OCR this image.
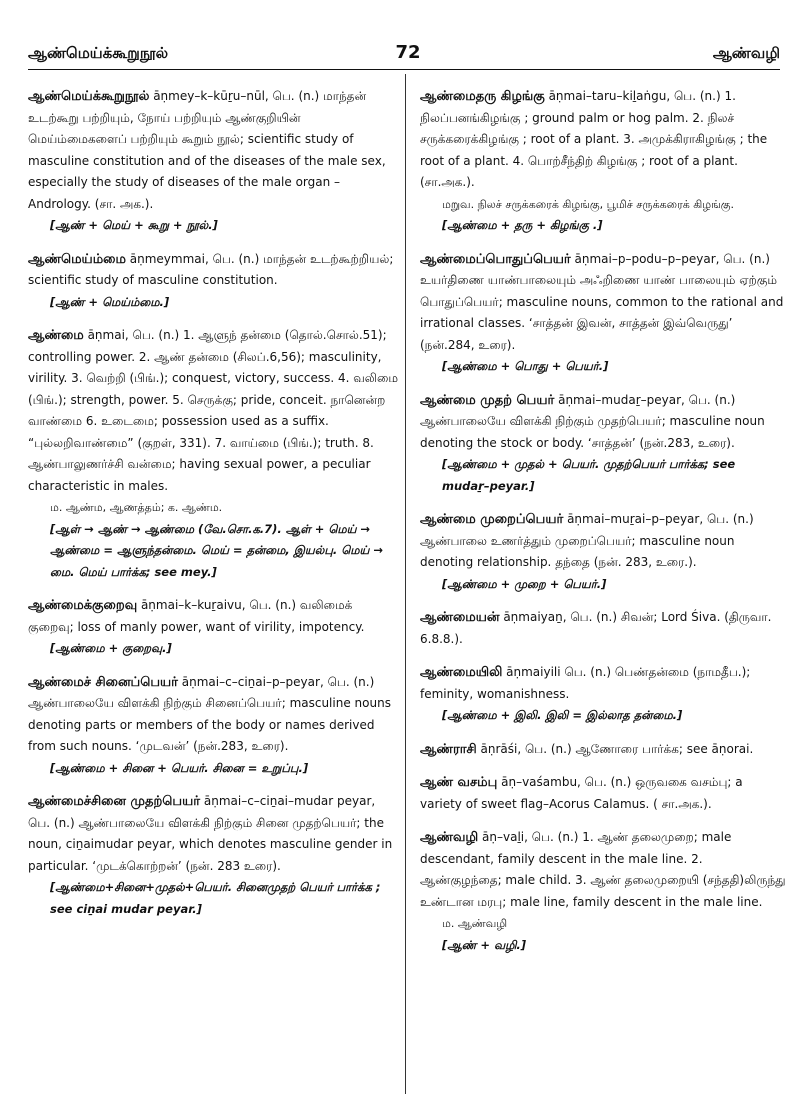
ஆண்மெய்க்கூறுநூல்	72	ஆண்வழி

ஆண்மெய்க்கூறுநூல் āṇmey–k–kūṟu–nūl, பெ. (n.) மாந்தன் உடற்கூறு பற்றியும், நோய் பற்றியும் ஆண்குறியின் மெய்ம்மைகளைப் பற்றியும் கூறும் நூல்; scientific study of masculine constitution and of the diseases of the male sex, especially the study of diseases of the male organ – Andrology. (சா. அக.).

[ஆண் + மெய் + கூறு + நூல்.]

ஆண்மெய்ம்மை āṇmeymmai, பெ. (n.) மாந்தன் உடற்கூற்றியல்; scientific study of masculine constitution.

[ஆண் + மெய்ம்மை.]

ஆண்மை āṇmai, பெ. (n.) 1. ஆளுந் தன்மை (தொல்.சொல்.51); controlling power. 2. ஆண் தன்மை (சிலப்.6,56); masculinity, virility. 3. வெற்றி (பிங்.); conquest, victory, success. 4. வலிமை (பிங்.); strength, power. 5. செருக்கு; pride, conceit. நானென்ற வாண்மை 6. உடைமை; possession used as a suffix. “புல்லறிவாண்மை” (குறள், 331). 7. வாய்மை (பிங்.); truth. 8. ஆண்பாலுணர்ச்சி வன்மை; having sexual power, a peculiar characteristic in males.

ம. ஆண்ம, ஆணத்தம்; க. ஆண்ம.

[ஆள் → ஆண் → ஆண்மை (வே.சொ.க.7). ஆள் + மெய் → ஆண்மை = ஆளுந்தன்மை. மெய் = தன்மை, இயல்பு. மெய் → மை. மெய் பார்க்க; see mey.]

ஆண்மைக்குறைவு āṇmai–k–kuṟaivu, பெ. (n.) வலிமைக் குறைவு; loss of manly power, want of virility, impotency.

[ஆண்மை + குறைவு.]

ஆண்மைச் சினைப்பெயர் āṇmai–c–ciṉai–p–peyar, பெ. (n.) ஆண்பாலையே விளக்கி நிற்கும் சினைப்பெயர்; masculine nouns denoting parts or members of the body or names derived from such nouns. ‘முடவன்’ (நன்.283, உரை).

[ஆண்மை + சினை + பெயர். சினை = உறுப்பு.]

ஆண்மைச்சினை முதற்பெயர் āṇmai–c–ciṉai–mudar peyar, பெ. (n.) ஆண்பாலையே விளக்கி நிற்கும் சினை முதற்பெயர்; the noun, ciṉaimudar peyar, which denotes masculine gender in particular. ‘முடக்கொற்றன்’ (நன். 283 உரை).

[ஆண்மை+சினை+முதல்+பெயர். சினைமுதற் பெயர் பார்க்க ; see ciṉai mudar peyar.]

ஆண்மைதரு கிழங்கு āṇmai–taru–kiḻaṅgu, பெ. (n.) 1. நிலப்பனங்கிழங்கு ; ground palm or hog palm. 2. நிலச் சருக்கரைக்கிழங்கு ; root of a plant. 3. அமுக்கிராகிழங்கு ; the root of a plant. 4. பொற்சீந்திற் கிழங்கு ; root of a plant. (சா.அக.).

மறுவ. நிலச் சருக்கரைக் கிழங்கு, பூமிச் சருக்கரைக் கிழங்கு.

[ஆண்மை + தரு + கிழங்கு .]

ஆண்மைப்பொதுப்பெயர் āṇmai–p–podu–p–peyar, பெ. (n.) உயர்திணை யாண்பாலையும் அஃறிணை யாண் பாலையும் ஏற்கும் பொதுப்பெயர்; masculine nouns, common to the rational and irrational classes. ‘சாத்தன் இவன், சாத்தன் இவ்வெருது’ (நன்.284, உரை).

[ஆண்மை + பொது + பெயர்.]

ஆண்மை முதற் பெயர் āṇmai–mudaṟ–peyar, பெ. (n.) ஆண்பாலையே விளக்கி நிற்கும் முதற்பெயர்; masculine noun denoting the stock or body. ‘சாத்தன்’ (நன்.283, உரை).

[ஆண்மை + முதல் + பெயர். முதற்பெயர் பார்க்க; see mudaṟ–peyar.]

ஆண்மை முறைப்பெயர் āṇmai–muṟai–p–peyar, பெ. (n.) ஆண்பாலை உணர்த்தும் முறைப்பெயர்; masculine noun denoting relationship. தந்தை (நன். 283, உரை.).

[ஆண்மை + முறை + பெயர்.]

ஆண்மையன் āṇmaiyaṉ, பெ. (n.) சிவன்; Lord Śiva. (திருவா. 6.8.8.).

ஆண்மையிலி āṇmaiyili பெ. (n.) பெண்தன்மை (நாமதீப.); feminity, womanishness.

[ஆண்மை + இலி. இலி = இல்லாத தன்மை.]

ஆண்ராசி āṇrāśi, பெ. (n.) ஆணோரை பார்க்க; see āṇorai.

ஆண் வசம்பு āṇ–vaśambu, பெ. (n.) ஒருவகை வசம்பு; a variety of sweet flag–Acorus Calamus. ( சா.அக.).

ஆண்வழி āṇ–vaḻi, பெ. (n.) 1. ஆண் தலைமுறை; male descendant, family descent in the male line. 2. ஆண்குழந்தை; male child. 3. ஆண் தலைமுறையி (சந்ததி)லிருந்து உண்டான மரபு; male line, family descent in the male line.

ம. ஆண்வழி

[ஆண் + வழி.]
